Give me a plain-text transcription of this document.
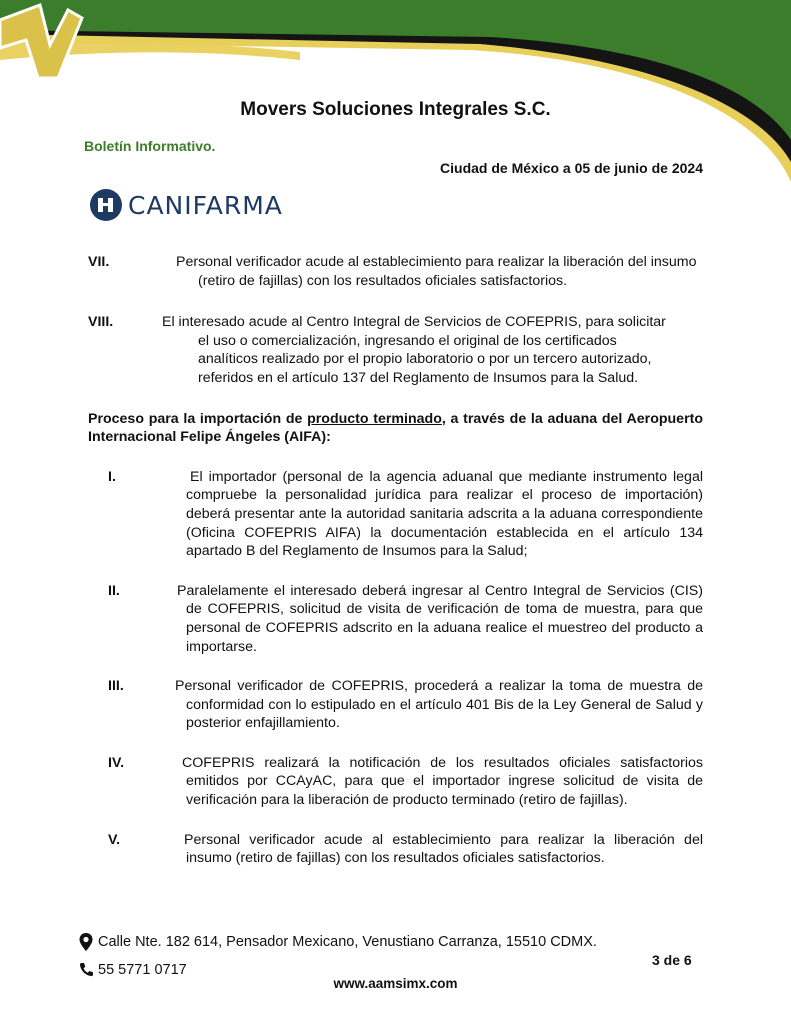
Movers Soluciones Integrales S.C.
Boletín Informativo.
Ciudad de México a 05 de junio de 2024
CANIFARMA
VII.	Personal verificador acude al establecimiento para realizar la liberación del insumo (retiro de fajillas) con los resultados oficiales satisfactorios.

VIII.	El interesado acude al Centro Integral de Servicios de COFEPRIS, para solicitar el uso o comercialización, ingresando el original de los certificados analíticos realizado por el propio laboratorio o por un tercero autorizado, referidos en el artículo 137 del Reglamento de Insumos para la Salud.

Proceso para la importación de producto terminado, a través de la aduana del Aeropuerto Internacional Felipe Ángeles (AIFA):
I.	El importador (personal de la agencia aduanal que mediante instrumento legal compruebe la personalidad jurídica para realizar el proceso de importación) deberá presentar ante la autoridad sanitaria adscrita a la aduana correspondiente (Oficina COFEPRIS AIFA) la documentación establecida en el artículo 134 apartado B del Reglamento de Insumos para la Salud;

II.	Paralelamente el interesado deberá ingresar al Centro Integral de Servicios (CIS) de COFEPRIS, solicitud de visita de verificación de toma de muestra, para que personal de COFEPRIS adscrito en la aduana realice el muestreo del producto a importarse.

III.	Personal verificador de COFEPRIS, procederá a realizar la toma de muestra de conformidad con lo estipulado en el artículo 401 Bis de la Ley General de Salud y posterior enfajillamiento.

IV.	COFEPRIS realizará la notificación de los resultados oficiales satisfactorios emitidos por CCAyAC, para que el importador ingrese solicitud de visita de verificación para la liberación de producto terminado (retiro de fajillas).

V.	Personal verificador acude al establecimiento para realizar la liberación del insumo (retiro de fajillas) con los resultados oficiales satisfactorios.

Calle Nte. 182 614, Pensador Mexicano, Venustiano Carranza, 15510 CDMX.
55 5771 0717
3 de 6
www.aamsimx.com
